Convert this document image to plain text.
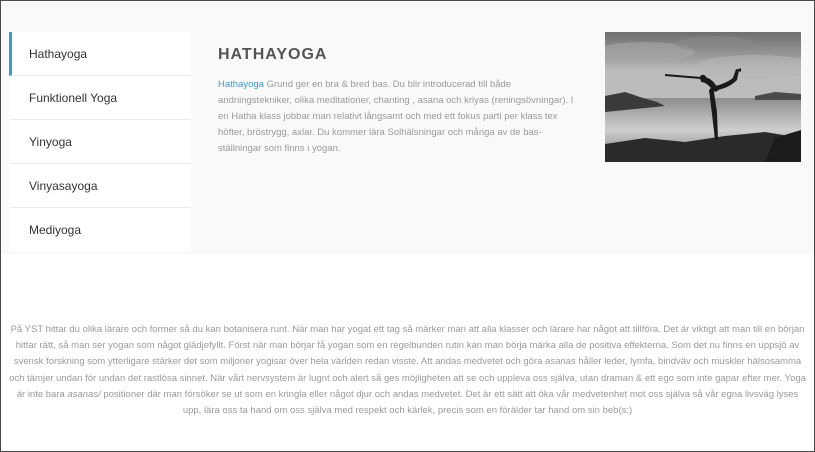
Hathayoga
Funktionell Yoga
Yinyoga
Vinyasayoga
Mediyoga
HATHAYOGA

Hathayoga Grund ger en bra & bred bas. Du blir introducerad till både andningstekniker, olika meditationer, chanting , asana och kriyas (reningsövningar). I en Hatha klass jobbar man relativt långsamt och med ett fokus parti per klass tex höfter, bröstrygg, axlar. Du kommer lära Solhälsningar och många av de bas-ställningar som finns i yogan.

På YST hittar du olika lärare och former så du kan botanisera runt. När man har yogat ett tag så märker man att alla klasser och lärare har något att tillföra. Det är viktigt att man till en början hittar rätt, så man ser yogan som något glädjefyllt. Först när man börjar få yogan som en regelbunden rutin kan man börja märka alla de positiva effekterna. Som det nu finns en uppsjö av svensk forskning som ytterligare stärker det som miljoner yogisar över hela världen redan visste. Att andas medvetet och göra asanas håller leder, lymfa, bindväv och muskler hälsosamma och tämjer undan för undan det rastlösa sinnet. När vårt nervsystem är lugnt och alert så ges möjligheten att se och uppleva oss själva, utan draman & ett ego som inte gapar efter mer. Yoga är inte bara asanas/ positioner där man försöker se ut som en kringla eller något djur och andas medvetet. Det är ett sätt att öka vår medvetenhet mot oss själva så vår egna livsväg lyses upp, lära oss ta hand om oss själva med respekt och kärlek, precis som en förälder tar hand om sin beb(s:)
